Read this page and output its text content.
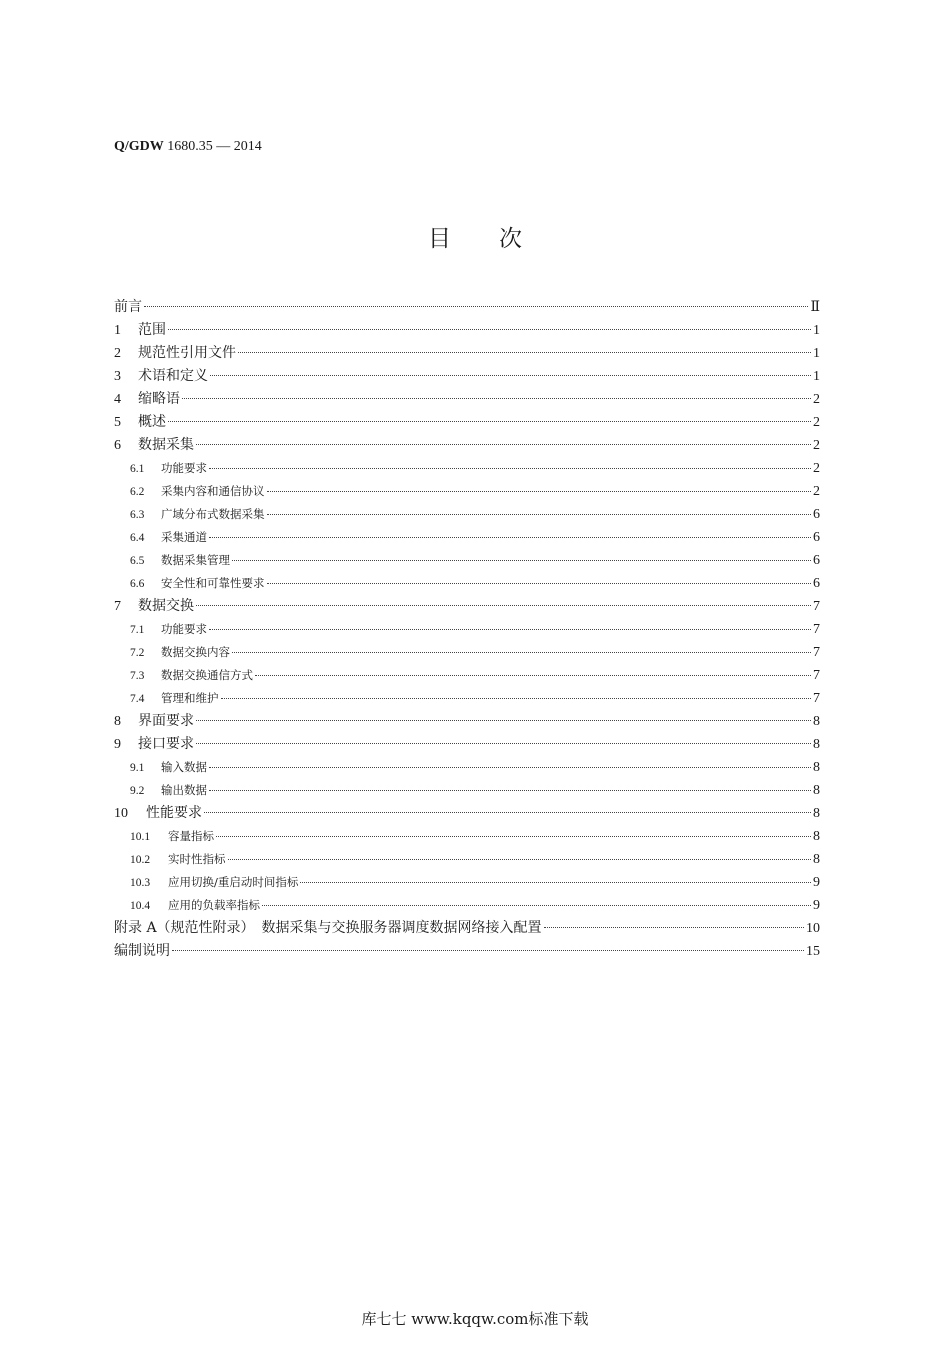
Q/GDW 1680.35 — 2014
目次
前言	Ⅱ
1	范围	1
2	规范性引用文件	1
3	术语和定义	1
4	缩略语	2
5	概述	2
6	数据采集	2
6.1	功能要求	2
6.2	采集内容和通信协议	2
6.3	广域分布式数据采集	6
6.4	采集通道	6
6.5	数据采集管理	6
6.6	安全性和可靠性要求	6
7	数据交换	7
7.1	功能要求	7
7.2	数据交换内容	7
7.3	数据交换通信方式	7
7.4	管理和维护	7
8	界面要求	8
9	接口要求	8
9.1	输入数据	8
9.2	输出数据	8
10	性能要求	8
10.1	容量指标	8
10.2	实时性指标	8
10.3	应用切换/重启动时间指标	9
10.4	应用的负载率指标	9
附录 A（规范性附录）　数据采集与交换服务器调度数据网络接入配置	10
编制说明	15
库七七 www.kqqw.com标准下载
